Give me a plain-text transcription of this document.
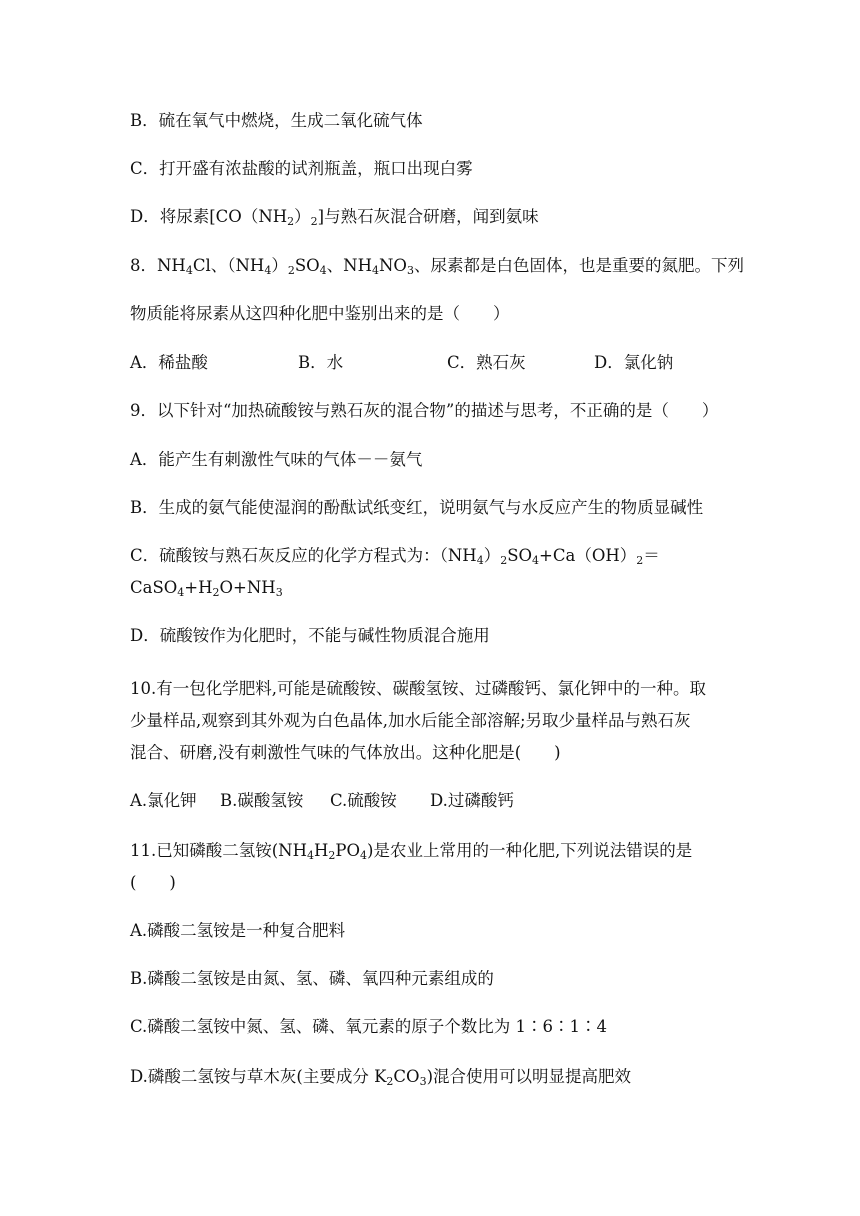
B．硫在氧气中燃烧，生成二氧化硫气体
C．打开盛有浓盐酸的试剂瓶盖，瓶口出现白雾
D．将尿素$[CO(NH_2)_2]$与熟石灰混合研磨，闻到氨味
8．$NH_4Cl$、$(NH_4)_2SO_4$、$NH_4NO_3$、尿素都是白色固体，也是重要的氮肥。下列
物质能将尿素从这四种化肥中鉴别出来的是（　　）
9．以下针对“加热硫酸铵与熟石灰的混合物”的描述与思考，不正确的是（　　）
A．能产生有刺激性气味的气体－－氨气
B．生成的氨气能使湿润的酚酞试纸变红，说明氨气与水反应产生的物质显碱性
C．硫酸铵与熟石灰反应的化学方程式为：$(NH_4)_2SO_4+Ca(OH)_2=$
$CaSO_4+H_2O+NH_3$
D．硫酸铵作为化肥时，不能与碱性物质混合施用
10.有一包化学肥料,可能是硫酸铵、碳酸氢铵、过磷酸钙、氯化钾中的一种。取
少量样品,观察到其外观为白色晶体,加水后能全部溶解;另取少量样品与熟石灰
混合、研磨,没有刺激性气味的气体放出。这种化肥是(　　)
11.已知磷酸二氢铵$(NH_4H_2PO_4)$是农业上常用的一种化肥,下列说法错误的是
(　　)
A.磷酸二氢铵是一种复合肥料
B.磷酸二氢铵是由氮、氢、磷、氧四种元素组成的
C.磷酸二氢铵中氮、氢、磷、氧元素的原子个数比为 1∶6∶1∶4
D.磷酸二氢铵与草木灰(主要成分 $K_2CO_3$)混合使用可以明显提高肥效
A．稀盐酸	B．水	C．熟石灰	D．氯化钠
A.氯化钾 B.碳酸氢铵 C.硫酸铵 D.过磷酸钙
